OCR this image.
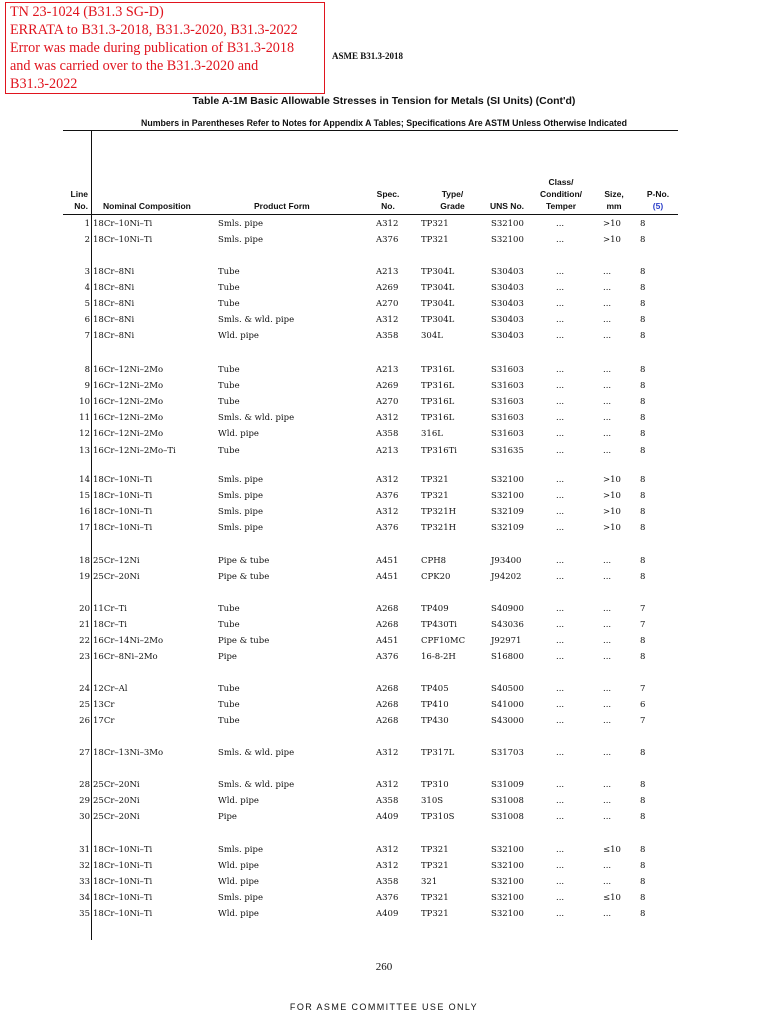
TN 23-1024 (B31.3 SG-D)
ERRATA to B31.3-2018, B31.3-2020, B31.3-2022
Error was made during publication of B31.3-2018
and was carried over to the B31.3-2020 and
B31.3-2022
ASME B31.3-2018
Table A-1M Basic Allowable Stresses in Tension for Metals (SI Units) (Cont'd)
Numbers in Parentheses Refer to Notes for Appendix A Tables; Specifications Are ASTM Unless Otherwise Indicated
Line
No. Nominal Composition	Product Form
Spec.
No.
Type/
Grade	UNS No.
Class/
Condition/
Temper
Size,
mm
P-No.
(5)
1 18Cr–10Ni–Ti	Smls. pipe	A312	TP321	S32100	...	>10 8
2 18Cr–10Ni–Ti	Smls. pipe	A376	TP321	S32100	...	>10 8
3 18Cr–8Ni	Tube	A213	TP304L	S30403	...	...	8
4 18Cr–8Ni	Tube	A269	TP304L	S30403	...	...	8
5 18Cr–8Ni	Tube	A270	TP304L	S30403	...	...	8
6 18Cr–8Ni	Smls. & wld. pipe	A312	TP304L	S30403	...	...	8
7 18Cr–8Ni	Wld. pipe	A358	304L	S30403	...	...	8
8 16Cr–12Ni–2Mo	Tube	A213	TP316L	S31603	...	...	8
9 16Cr–12Ni–2Mo	Tube	A269	TP316L	S31603	...	...	8
10 16Cr–12Ni–2Mo	Tube	A270	TP316L	S31603	...	...	8
11 16Cr–12Ni–2Mo	Smls. & wld. pipe	A312	TP316L	S31603	...	...	8
12 16Cr–12Ni–2Mo	Wld. pipe	A358	316L	S31603	...	...	8
13 16Cr–12Ni–2Mo–Ti	Tube	A213	TP316Ti	S31635	...	...	8
14 18Cr–10Ni–Ti	Smls. pipe	A312	TP321	S32100	...	>10 8
15 18Cr–10Ni–Ti	Smls. pipe	A376	TP321	S32100	...	>10 8
16 18Cr–10Ni–Ti	Smls. pipe	A312	TP321H	S32109	...	>10 8
17 18Cr–10Ni–Ti	Smls. pipe	A376	TP321H	S32109	...	>10 8
18 25Cr–12Ni	Pipe & tube	A451	CPH8	J93400	...	...	8
19 25Cr–20Ni	Pipe & tube	A451	CPK20	J94202	...	...	8
20 11Cr–Ti	Tube	A268	TP409	S40900	...	...	7
21 18Cr–Ti	Tube	A268	TP430Ti	S43036	...	...	7
22 16Cr–14Ni–2Mo	Pipe & tube	A451	CPF10MC	J92971	...	...	8
23 16Cr–8Ni–2Mo	Pipe	A376	16-8-2H	S16800	...	...	8
24 12Cr–Al	Tube	A268	TP405	S40500	...	...	7
25 13Cr	Tube	A268	TP410	S41000	...	...	6
26 17Cr	Tube	A268	TP430	S43000	...	...	7
27 18Cr–13Ni–3Mo	Smls. & wld. pipe	A312	TP317L	S31703	...	...	8
28 25Cr–20Ni	Smls. & wld. pipe	A312	TP310	S31009	...	...	8
29 25Cr–20Ni	Wld. pipe	A358	310S	S31008	...	...	8
30 25Cr–20Ni	Pipe	A409	TP310S	S31008	...	...	8
31 18Cr–10Ni–Ti	Smls. pipe	A312	TP321	S32100	...	≤10 8
32 18Cr–10Ni–Ti	Wld. pipe	A312	TP321	S32100	...	...	8
33 18Cr–10Ni–Ti	Wld. pipe	A358	321	S32100	...	...	8
34 18Cr–10Ni–Ti	Smls. pipe	A376	TP321	S32100	...	≤10 8
35 18Cr–10Ni–Ti	Wld. pipe	A409	TP321	S32100	...	...	8
260
FOR ASME COMMITTEE USE ONLY
